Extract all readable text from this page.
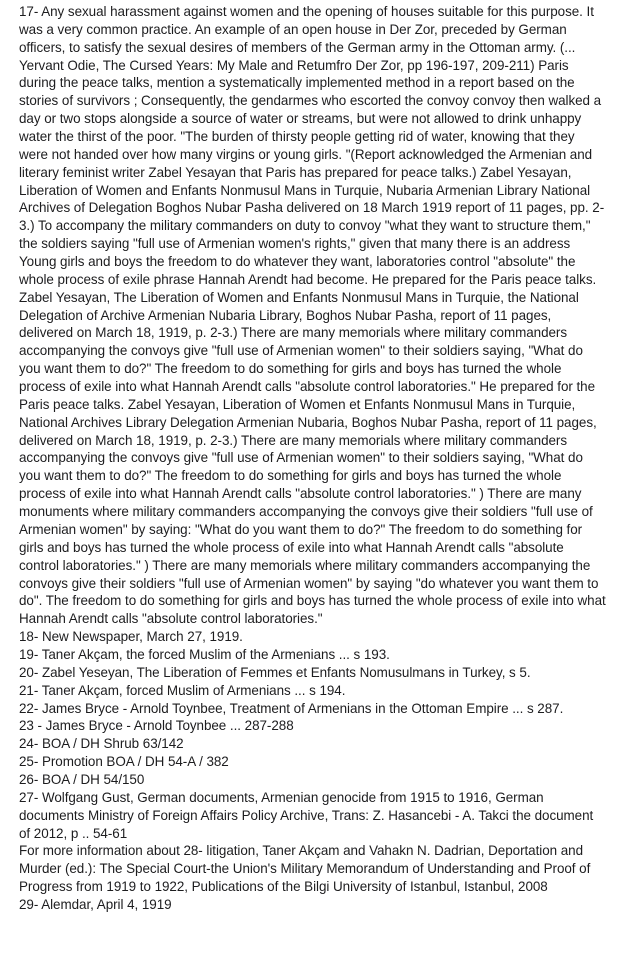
17- Any sexual harassment against women and the opening of houses suitable for this purpose. It was a very common practice. An example of an open house in Der Zor, preceded by German officers, to satisfy the sexual desires of members of the German army in the Ottoman army. (... Yervant Odie, The Cursed Years: My Male and Retumfro Der Zor, pp 196-197, 209-211) Paris during the peace talks, mention a systematically implemented method in a report based on the stories of survivors ; Consequently, the gendarmes who escorted the convoy convoy then walked a day or two stops alongside a source of water or streams, but were not allowed to drink unhappy water the thirst of the poor. "The burden of thirsty people getting rid of water, knowing that they were not handed over how many virgins or young girls. "(Report acknowledged the Armenian and literary feminist writer Zabel Yesayan that Paris has prepared for peace talks.) Zabel Yesayan, Liberation of Women and Enfants Nonmusul Mans in Turquie, Nubaria Armenian Library National Archives of Delegation Boghos Nubar Pasha delivered on 18 March 1919 report of 11 pages, pp. 2-3.) To accompany the military commanders on duty to convoy "what they want to structure them," the soldiers saying "full use of Armenian women's rights," given that many there is an address Young girls and boys the freedom to do whatever they want, laboratories control "absolute" the whole process of exile phrase Hannah Arendt had become. He prepared for the Paris peace talks. Zabel Yesayan, The Liberation of Women and Enfants Nonmusul Mans in Turquie, the National Delegation of Archive Armenian Nubaria Library, Boghos Nubar Pasha, report of 11 pages, delivered on March 18, 1919, p. 2-3.) There are many memorials where military commanders accompanying the convoys give "full use of Armenian women" to their soldiers saying, "What do you want them to do?" The freedom to do something for girls and boys has turned the whole process of exile into what Hannah Arendt calls "absolute control laboratories." He prepared for the Paris peace talks. Zabel Yesayan, Liberation of Women et Enfants Nonmusul Mans in Turquie, National Archives Library Delegation Armenian Nubaria, Boghos Nubar Pasha, report of 11 pages, delivered on March 18, 1919, p. 2-3.) There are many memorials where military commanders accompanying the convoys give "full use of Armenian women" to their soldiers saying, "What do you want them to do?" The freedom to do something for girls and boys has turned the whole process of exile into what Hannah Arendt calls "absolute control laboratories." ) There are many monuments where military commanders accompanying the convoys give their soldiers "full use of Armenian women" by saying: "What do you want them to do?" The freedom to do something for girls and boys has turned the whole process of exile into what Hannah Arendt calls "absolute control laboratories." ) There are many memorials where military commanders accompanying the convoys give their soldiers "full use of Armenian women" by saying "do whatever you want them to do". The freedom to do something for girls and boys has turned the whole process of exile into what Hannah Arendt calls "absolute control laboratories."

18- New Newspaper, March 27, 1919.

19- Taner Akçam, the forced Muslim of the Armenians ... s 193.

20- Zabel Yeseyan, The Liberation of Femmes et Enfants Nomusulmans in Turkey, s 5.

21- Taner Akçam, forced Muslim of Armenians ... s 194.

22- James Bryce - Arnold Toynbee, Treatment of Armenians in the Ottoman Empire ... s 287.

23 - James Bryce - Arnold Toynbee ... 287-288

24- BOA / DH Shrub 63/142

25- Promotion BOA / DH 54-A / 382

26- BOA / DH 54/150

27- Wolfgang Gust, German documents, Armenian genocide from 1915 to 1916, German documents Ministry of Foreign Affairs Policy Archive, Trans: Z. Hasancebi - A. Takci the document of 2012, p .. 54-61

For more information about 28- litigation, Taner Akçam and Vahakn N. Dadrian, Deportation and Murder (ed.): The Special Court-the Union's Military Memorandum of Understanding and Proof of Progress from 1919 to 1922, Publications of the Bilgi University of Istanbul, Istanbul, 2008

29- Alemdar, April 4, 1919
